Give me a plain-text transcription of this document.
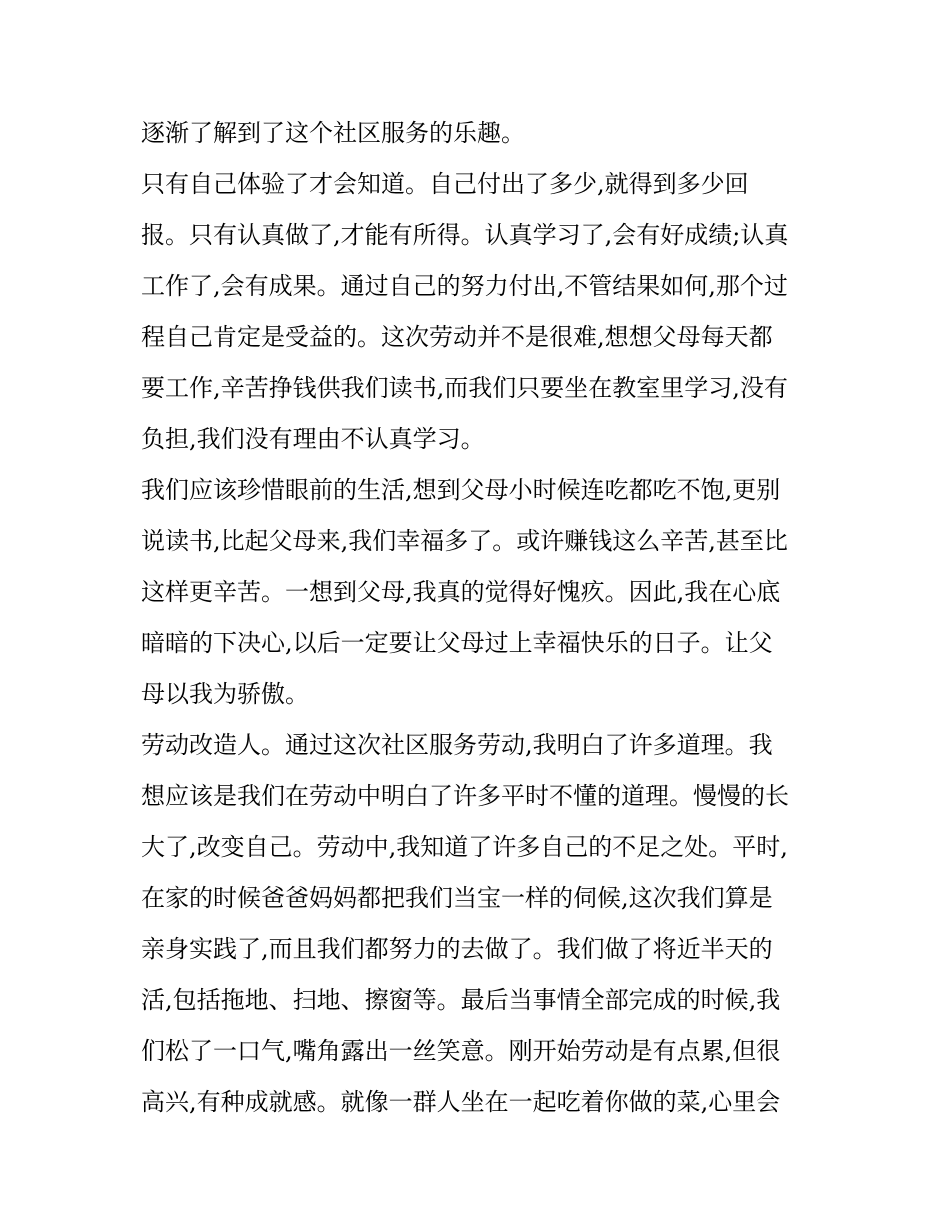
逐渐了解到了这个社区服务的乐趣。
只有自己体验了才会知道。自己付出了多少,就得到多少回
报。只有认真做了,才能有所得。认真学习了,会有好成绩;认真
工作了,会有成果。通过自己的努力付出,不管结果如何,那个过
程自己肯定是受益的。这次劳动并不是很难,想想父母每天都
要工作,辛苦挣钱供我们读书,而我们只要坐在教室里学习,没有
负担,我们没有理由不认真学习。
我们应该珍惜眼前的生活,想到父母小时候连吃都吃不饱,更别
说读书,比起父母来,我们幸福多了。或许赚钱这么辛苦,甚至比
这样更辛苦。一想到父母,我真的觉得好愧疚。因此,我在心底
暗暗的下决心,以后一定要让父母过上幸福快乐的日子。让父
母以我为骄傲。
劳动改造人。通过这次社区服务劳动,我明白了许多道理。我
想应该是我们在劳动中明白了许多平时不懂的道理。慢慢的长
大了,改变自己。劳动中,我知道了许多自己的不足之处。平时,
在家的时候爸爸妈妈都把我们当宝一样的伺候,这次我们算是
亲身实践了,而且我们都努力的去做了。我们做了将近半天的
活,包括拖地、扫地、擦窗等。最后当事情全部完成的时候,我
们松了一口气,嘴角露出一丝笑意。刚开始劳动是有点累,但很
高兴,有种成就感。就像一群人坐在一起吃着你做的菜,心里会
